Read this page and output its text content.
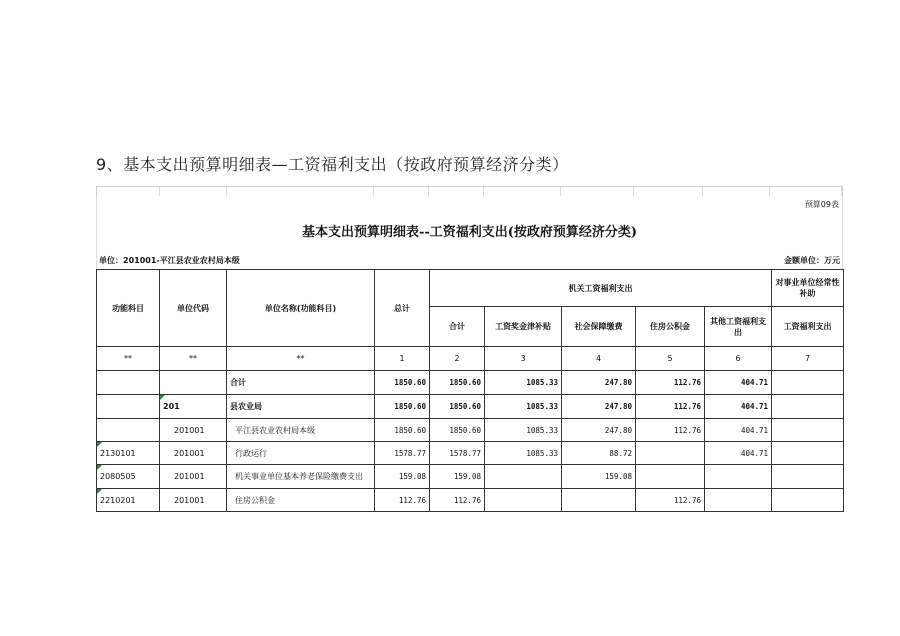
9、基本支出预算明细表—工资福利支出（按政府预算经济分类）
预算09表
基本支出预算明细表--工资福利支出(按政府预算经济分类)
单位：201001-平江县农业农村局本级	金额单位：万元
功能科目	单位代码	单位名称(功能科目)	总计	机关工资福利支出					对事业单位经常性补助
				合计	工资奖金津补贴	社会保障缴费	住房公积金	其他工资福利支出	工资福利支出
**	**	**	1	2	3	4	5	6	7
		合计	1850.60	1850.60	1085.33	247.80	112.76	404.71	
	201	县农业局	1850.60	1850.60	1085.33	247.80	112.76	404.71	
	201001	平江县农业农村局本级	1850.60	1850.60	1085.33	247.80	112.76	404.71	
2130101	201001	行政运行	1578.77	1578.77	1085.33	88.72		404.71	
2080505	201001	机关事业单位基本养老保险缴费支出	159.08	159.08		159.08			
2210201	201001	住房公积金	112.76	112.76			112.76		
